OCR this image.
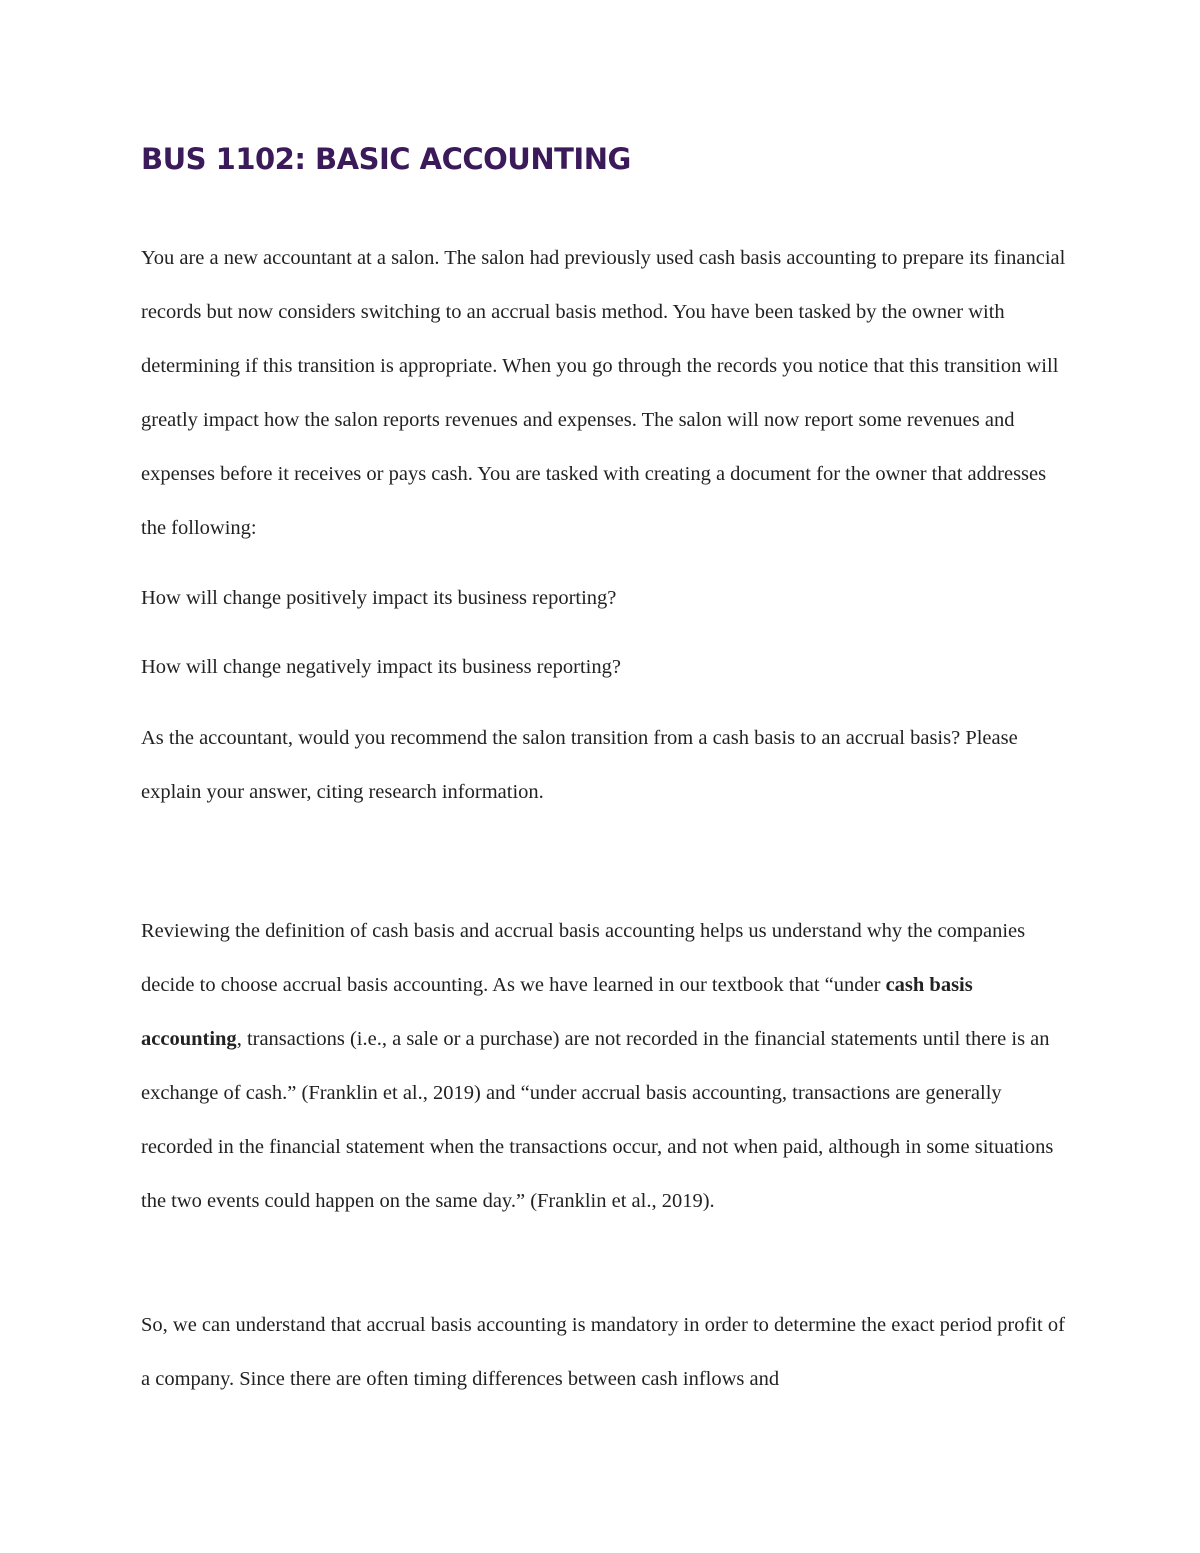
BUS 1102: BASIC ACCOUNTING

You are a new accountant at a salon. The salon had previously used cash basis accounting to prepare its financial records but now considers switching to an accrual basis method. You have been tasked by the owner with determining if this transition is appropriate. When you go through the records you notice that this transition will greatly impact how the salon reports revenues and expenses. The salon will now report some revenues and expenses before it receives or pays cash. You are tasked with creating a document for the owner that addresses the following:

How will change positively impact its business reporting?

How will change negatively impact its business reporting?

As the accountant, would you recommend the salon transition from a cash basis to an accrual basis? Please explain your answer, citing research information.

Reviewing the definition of cash basis and accrual basis accounting helps us understand why the companies decide to choose accrual basis accounting. As we have learned in our textbook that “under cash basis accounting, transactions (i.e., a sale or a purchase) are not recorded in the financial statements until there is an exchange of cash.” (Franklin et al., 2019) and “under accrual basis accounting, transactions are generally recorded in the financial statement when the transactions occur, and not when paid, although in some situations the two events could happen on the same day.” (Franklin et al., 2019).

So, we can understand that accrual basis accounting is mandatory in order to determine the exact period profit of a company. Since there are often timing differences between cash inflows and
